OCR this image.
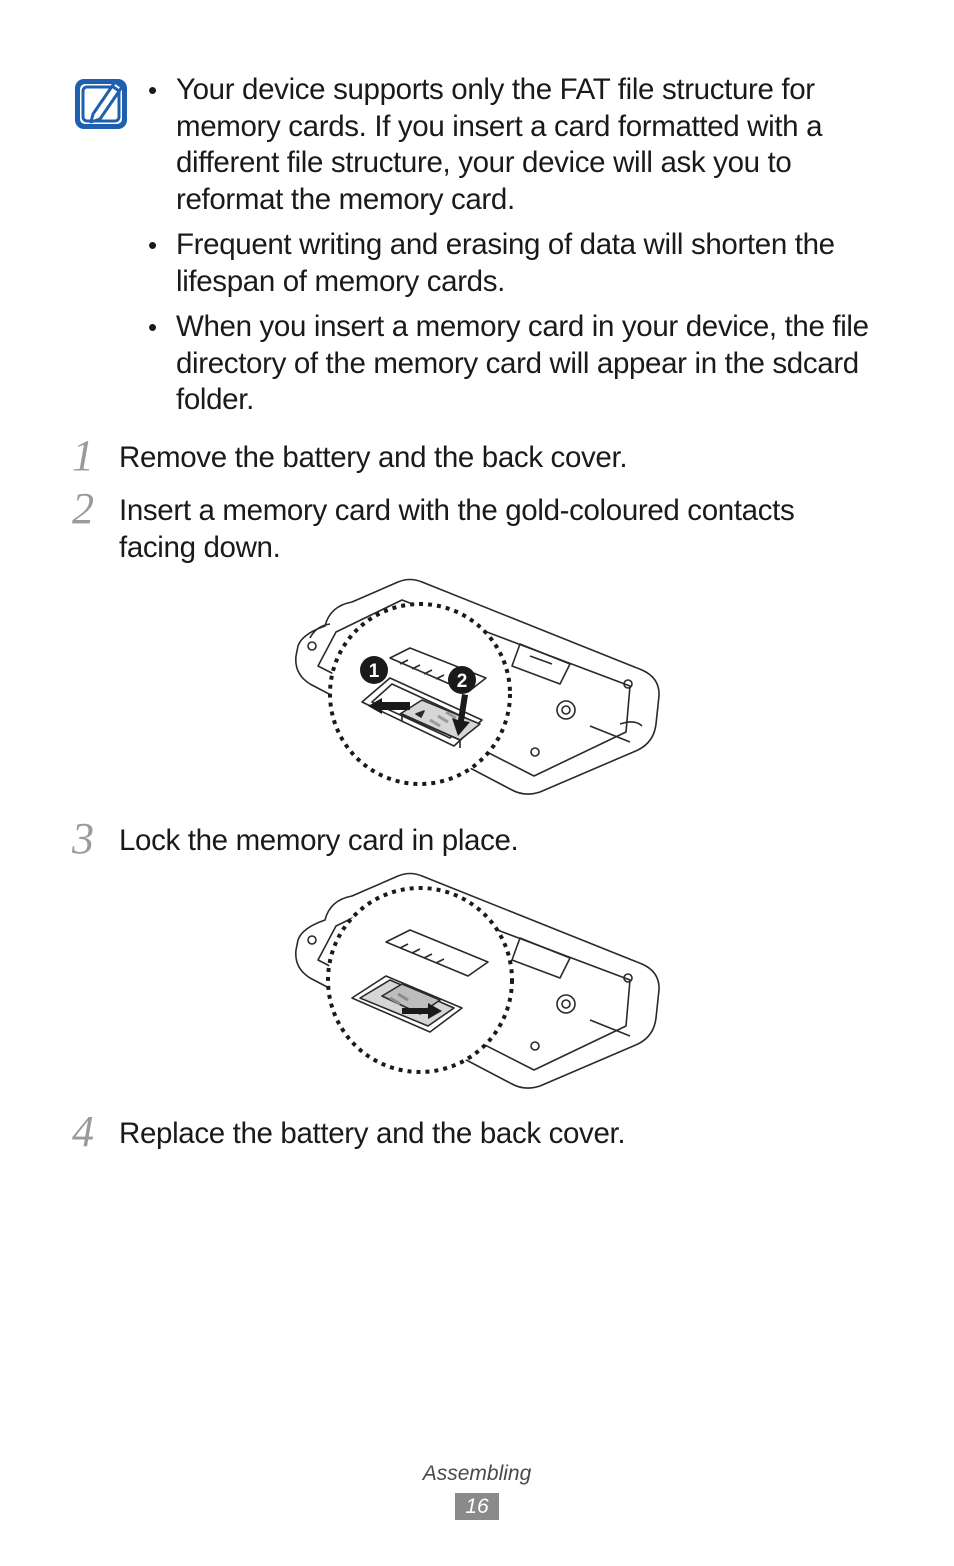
• Your device supports only the FAT file structure for memory cards. If you insert a card formatted with a different file structure, your device will ask you to reformat the memory card.
• Frequent writing and erasing of data will shorten the lifespan of memory cards.
• When you insert a memory card in your device, the file directory of the memory card will appear in the sdcard folder.
1 Remove the battery and the back cover.
2 Insert a memory card with the gold-coloured contacts facing down.
1	2
3 Lock the memory card in place.
4 Replace the battery and the back cover.
Assembling
16
